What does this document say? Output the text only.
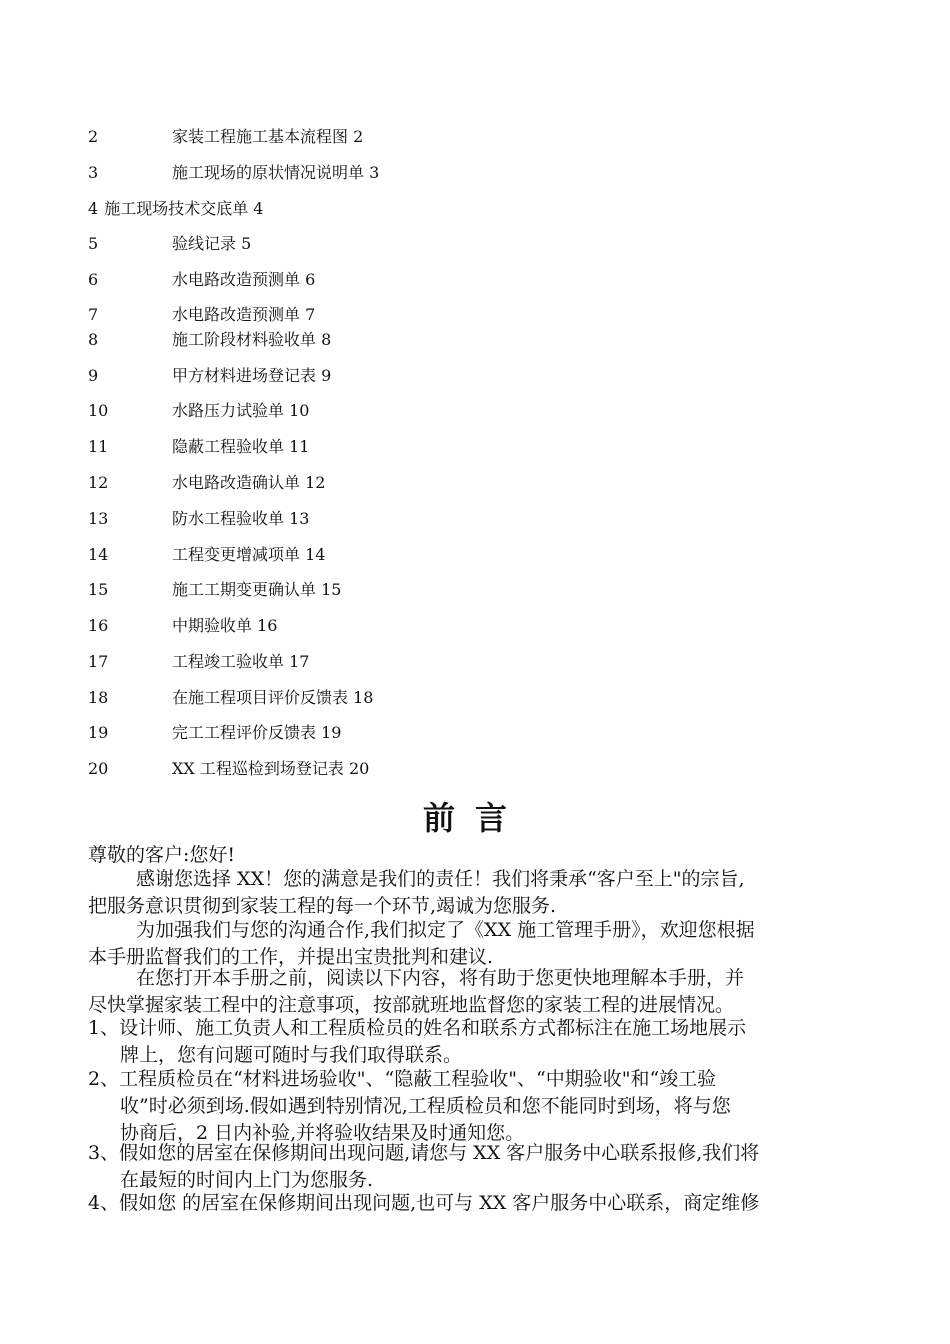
2	家装工程施工基本流程图 2
3	施工现场的原状情况说明单 3
4 施工现场技术交底单 4
5	验线记录 5
6	水电路改造预测单 6
7	水电路改造预测单 7
8	施工阶段材料验收单 8
9	甲方材料进场登记表 9
10	水路压力试验单 10
11	隐蔽工程验收单 11
12	水电路改造确认单 12
13	防水工程验收单 13
14	工程变更增减项单 14
15	施工工期变更确认单 15
16	中期验收单 16
17	工程竣工验收单 17
18	在施工程项目评价反馈表 18
19	完工工程评价反馈表 19
20	XX 工程巡检到场登记表 20
前言
尊敬的客户:您好!
感谢您选择 XX！您的满意是我们的责任！我们将秉承“客户至上"的宗旨,
把服务意识贯彻到家装工程的每一个环节,竭诚为您服务.
为加强我们与您的沟通合作,我们拟定了《XX 施工管理手册》，欢迎您根据
本手册监督我们的工作，并提出宝贵批判和建议.
在您打开本手册之前，阅读以下内容，将有助于您更快地理解本手册，并
尽快掌握家装工程中的注意事项，按部就班地监督您的家装工程的进展情况。
1、设计师、施工负责人和工程质检员的姓名和联系方式都标注在施工场地展示
牌上，您有问题可随时与我们取得联系。
2、工程质检员在“材料进场验收"、“隐蔽工程验收"、“中期验收"和“竣工验
收”时必须到场.假如遇到特别情况,工程质检员和您不能同时到场，将与您
协商后，2 日内补验,并将验收结果及时通知您。
3、假如您的居室在保修期间出现问题,请您与 XX 客户服务中心联系报修,我们将
在最短的时间内上门为您服务.
4、假如您 的居室在保修期间出现问题,也可与 XX 客户服务中心联系，商定维修
